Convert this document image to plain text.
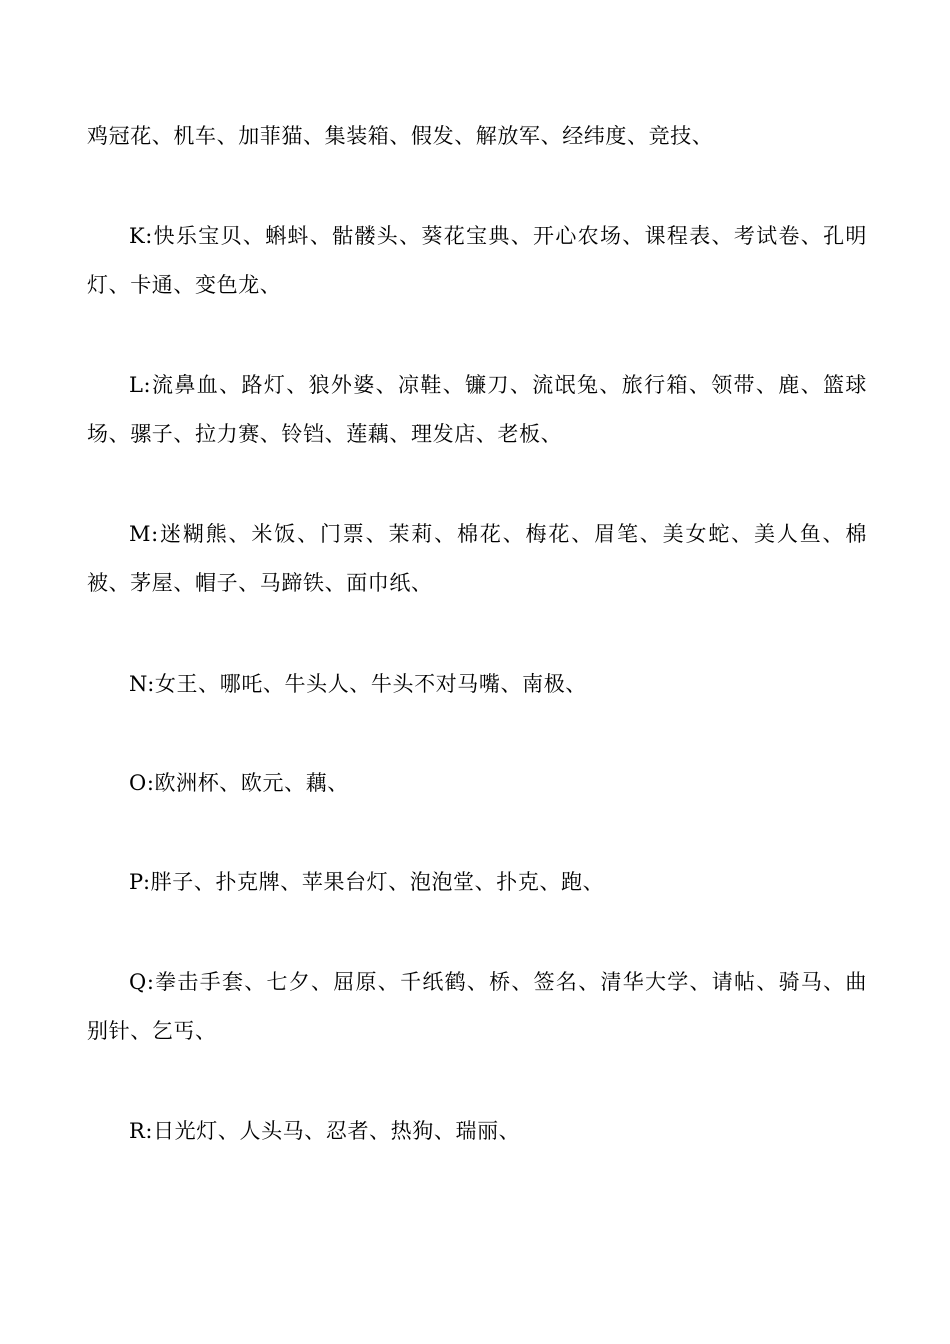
鸡冠花、机车、加菲猫、集装箱、假发、解放军、经纬度、竞技、

K:快乐宝贝、蝌蚪、骷髅头、葵花宝典、开心农场、课程表、考试卷、孔明灯、卡通、变色龙、

L:流鼻血、路灯、狼外婆、凉鞋、镰刀、流氓兔、旅行箱、领带、鹿、篮球场、骡子、拉力赛、铃铛、莲藕、理发店、老板、

M:迷糊熊、米饭、门票、茉莉、棉花、梅花、眉笔、美女蛇、美人鱼、棉被、茅屋、帽子、马蹄铁、面巾纸、

N:女王、哪吒、牛头人、牛头不对马嘴、南极、

O:欧洲杯、欧元、藕、

P:胖子、扑克牌、苹果台灯、泡泡堂、扑克、跑、

Q:拳击手套、七夕、屈原、千纸鹤、桥、签名、清华大学、请帖、骑马、曲别针、乞丐、

R:日光灯、人头马、忍者、热狗、瑞丽、
